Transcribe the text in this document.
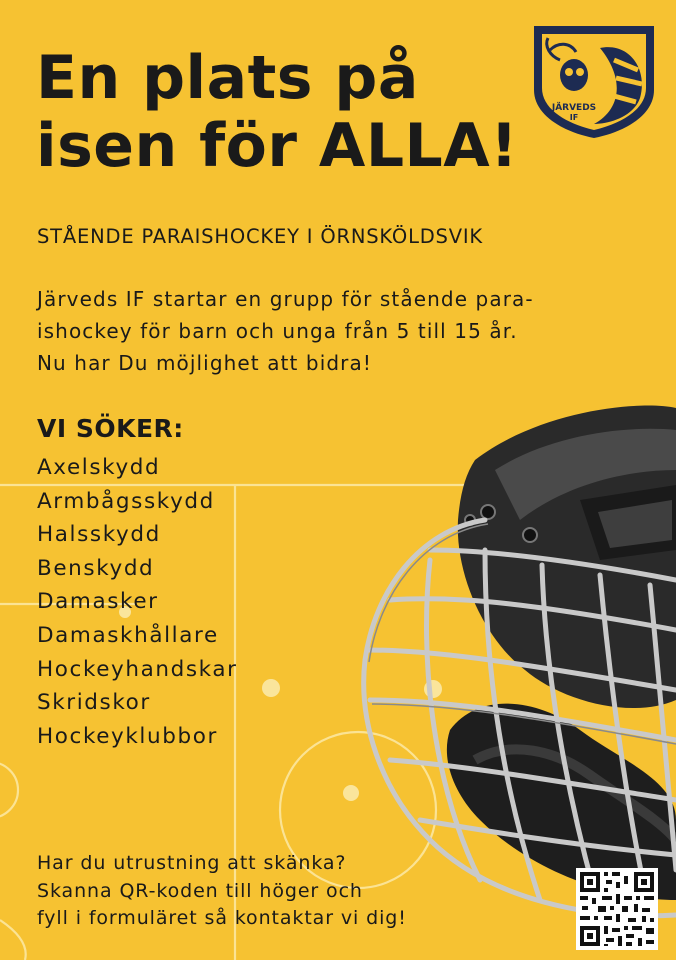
En plats på
isen för ALLA!
STÅENDE PARAISHOCKEY I ÖRNSKÖLDSVIK

Järveds IF startar en grupp för stående para-
ishockey för barn och unga från 5 till 15 år.
Nu har Du möjlighet att bidra!

VI SÖKER:
Axelskydd
Armbågsskydd
Halsskydd
Benskydd
Damasker
Damaskhållare
Hockeyhandskar
Skridskor
Hockeyklubbor
JÄRVEDS
IF

Har du utrustning att skänka?
Skanna QR-koden till höger och
fyll i formuläret så kontaktar vi dig!
